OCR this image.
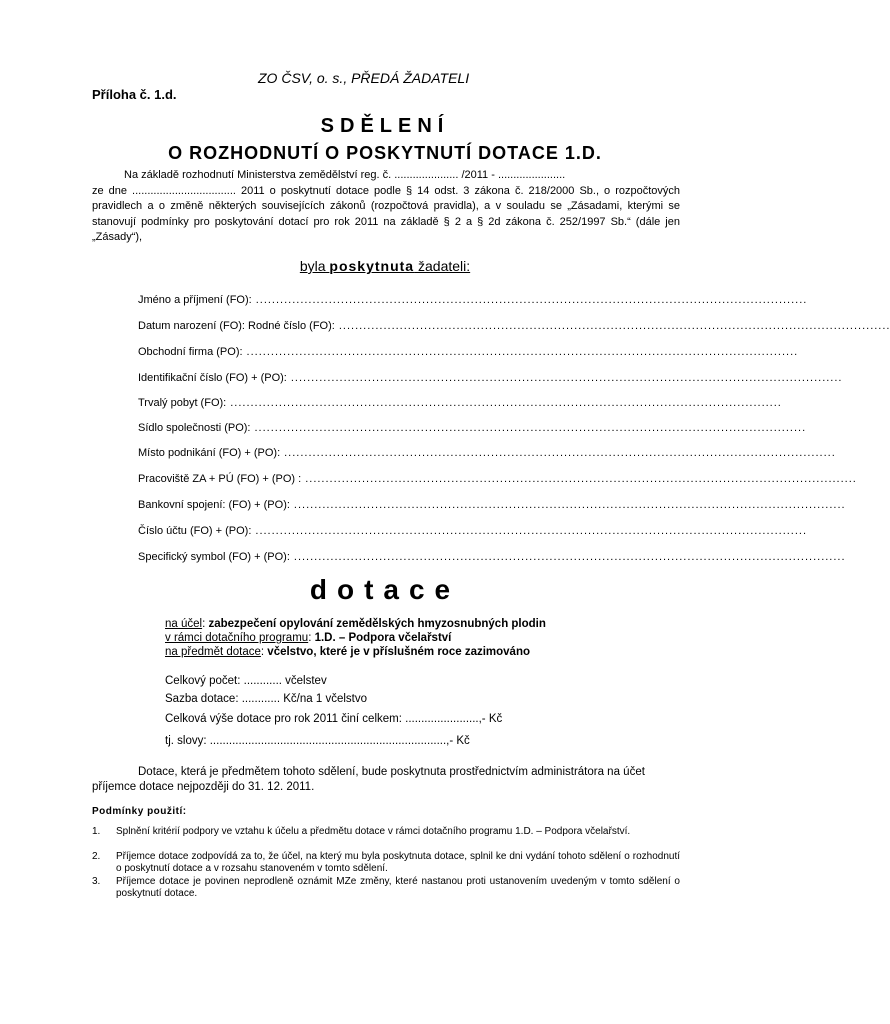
ZO ČSV, o. s., PŘEDÁ ŽADATELI
Příloha č. 1.d.
SDĚLENÍ
O ROZHODNUTÍ O POSKYTNUTÍ DOTACE 1.D.

Na základě rozhodnutí Ministerstva zemědělství reg. č. ..................... /2011 - ......................

ze dne .................................. 2011 o poskytnutí dotace podle § 14 odst. 3 zákona č. 218/2000 Sb., o rozpočtových pravidlech a o změně některých souvisejících zákonů (rozpočtová pravidla), a v souladu se „Zásadami, kterými se stanovují podmínky pro poskytování dotací pro rok 2011 na základě § 2 a § 2d zákona č. 252/1997 Sb.“ (dále jen „Zásady“),

byla poskytnuta žadateli:
Jméno a příjmení (FO): ........................................................................................................................................
Datum narození (FO): Rodné číslo (FO): ........................................................................................................................................
Obchodní firma (PO): ........................................................................................................................................
Identifikační číslo (FO) + (PO): ........................................................................................................................................
Trvalý pobyt (FO): ........................................................................................................................................
Sídlo společnosti (PO): ........................................................................................................................................
Místo podnikání (FO) + (PO): ........................................................................................................................................
Pracoviště ZA + PÚ (FO) + (PO) : ........................................................................................................................................
Bankovní spojení: (FO) + (PO): ........................................................................................................................................
Číslo účtu (FO) + (PO): ........................................................................................................................................
Specifický symbol (FO) + (PO): ........................................................................................................................................
dotace
na účel: zabezpečení opylování zemědělských hmyzosnubných plodin
v rámci dotačního programu: 1.D. – Podpora včelařství
na předmět dotace: včelstvo, které je v příslušném roce zazimováno
Celkový počet: ............ včelstev
Sazba dotace: ............ Kč/na 1 včelstvo
Celková výše dotace pro rok 2011 činí celkem: .......................,- Kč
tj. slovy: ..........................................................................,- Kč

Dotace, která je předmětem tohoto sdělení, bude poskytnuta prostřednictvím administrátora na účet příjemce dotace nejpozději do 31. 12. 2011.

Podmínky použití:
1.	Splnění kritérií podpory ve vztahu k účelu a předmětu dotace v rámci dotačního programu 1.D. – Podpora včelařství.
2.	Příjemce dotace zodpovídá za to, že účel, na který mu byla poskytnuta dotace, splnil ke dni vydání tohoto sdělení o rozhodnutí o poskytnutí dotace a v rozsahu stanoveném v tomto sdělení.
3.	Příjemce dotace je povinen neprodleně oznámit MZe změny, které nastanou proti ustanovením uvedeným v tomto sdělení o poskytnutí dotace.
